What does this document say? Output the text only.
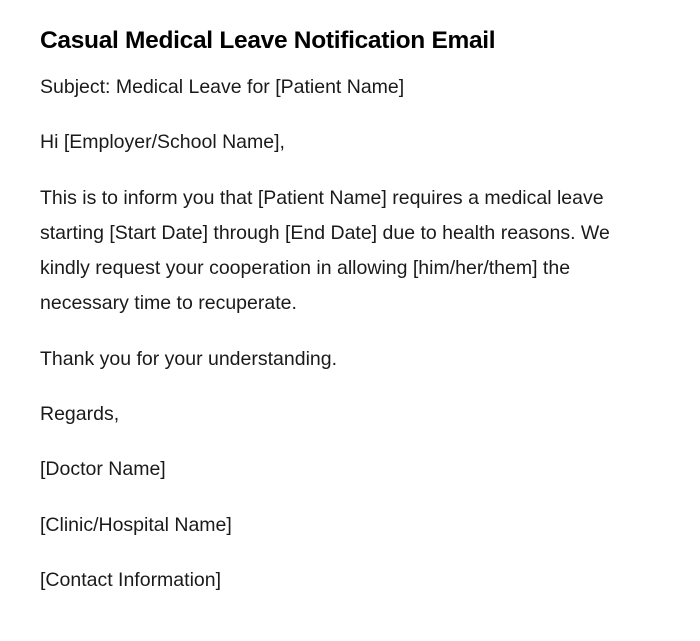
Casual Medical Leave Notification Email

Subject: Medical Leave for [Patient Name]

Hi [Employer/School Name],

This is to inform you that [Patient Name] requires a medical leave starting [Start Date] through [End Date] due to health reasons. We kindly request your cooperation in allowing [him/her/them] the necessary time to recuperate.

Thank you for your understanding.

Regards,

[Doctor Name]

[Clinic/Hospital Name]

[Contact Information]
